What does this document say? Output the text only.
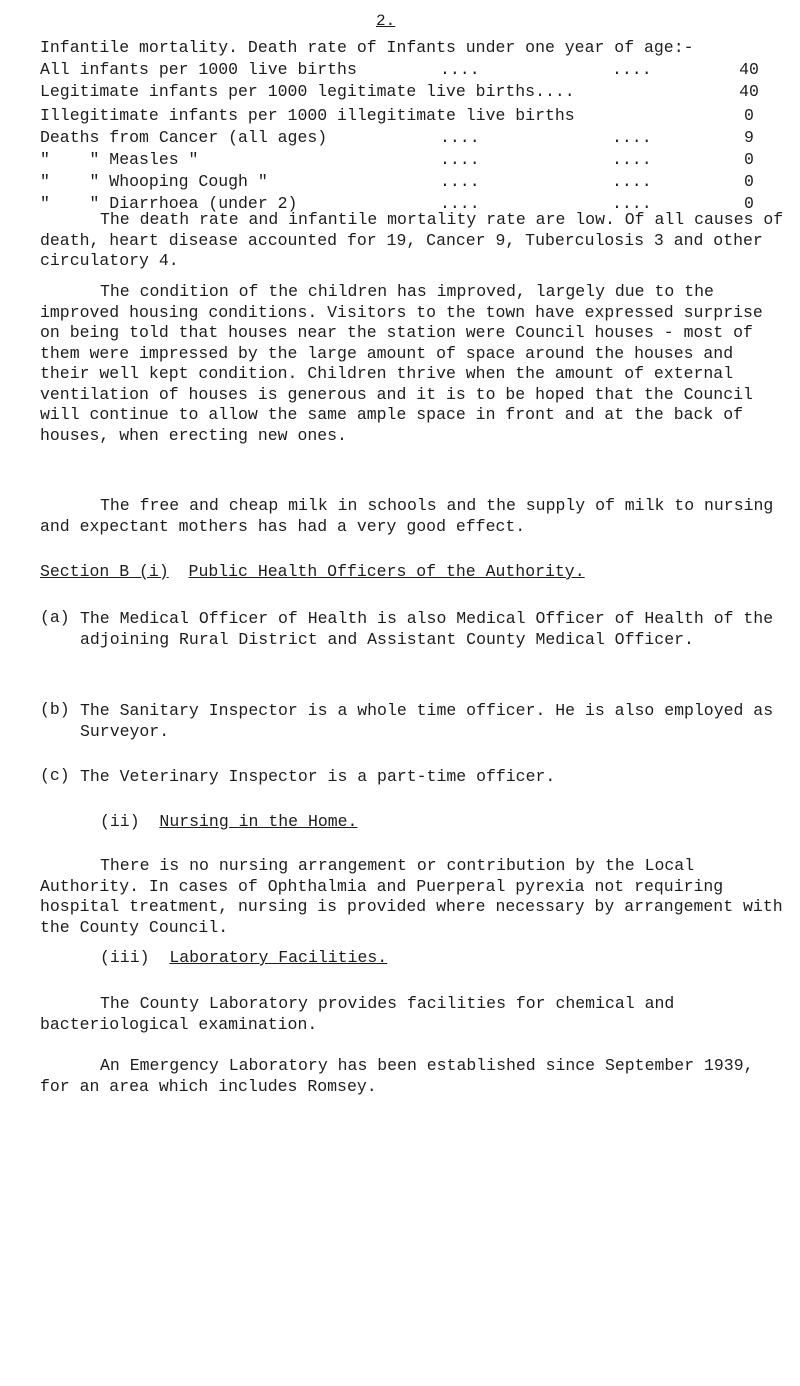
2.
Infantile mortality. Death rate of Infants under one year of age:-
All infants per 1000 live births	....	....	40
Legitimate infants per 1000 legitimate live births....	40
Illegitimate infants per 1000 illegitimate live births	0
Deaths from Cancer (all ages)	....	....	9
"    " Measles "	....	....	0
"    " Whooping Cough "	....	....	0
"    " Diarrhoea (under 2)	....	....	0
The death rate and infantile mortality rate are low. Of all causes of death, heart disease accounted for 19, Cancer 9, Tuberculosis 3 and other circulatory 4.
The condition of the children has improved, largely due to the improved housing conditions. Visitors to the town have expressed surprise on being told that houses near the station were Council houses - most of them were impressed by the large amount of space around the houses and their well kept condition. Children thrive when the amount of external ventilation of houses is generous and it is to be hoped that the Council will continue to allow the same ample space in front and at the back of houses, when erecting new ones.
The free and cheap milk in schools and the supply of milk to nursing and expectant mothers has had a very good effect.
Section B (i) Public Health Officers of the Authority.
(a) The Medical Officer of Health is also Medical Officer of Health of the adjoining Rural District and Assistant County Medical Officer.
(b) The Sanitary Inspector is a whole time officer. He is also employed as Surveyor.
(c) The Veterinary Inspector is a part-time officer.
(ii) Nursing in the Home.
There is no nursing arrangement or contribution by the Local Authority. In cases of Ophthalmia and Puerperal pyrexia not requiring hospital treatment, nursing is provided where necessary by arrangement with the County Council.
(iii) Laboratory Facilities.
The County Laboratory provides facilities for chemical and bacteriological examination.
An Emergency Laboratory has been established since September 1939, for an area which includes Romsey.
